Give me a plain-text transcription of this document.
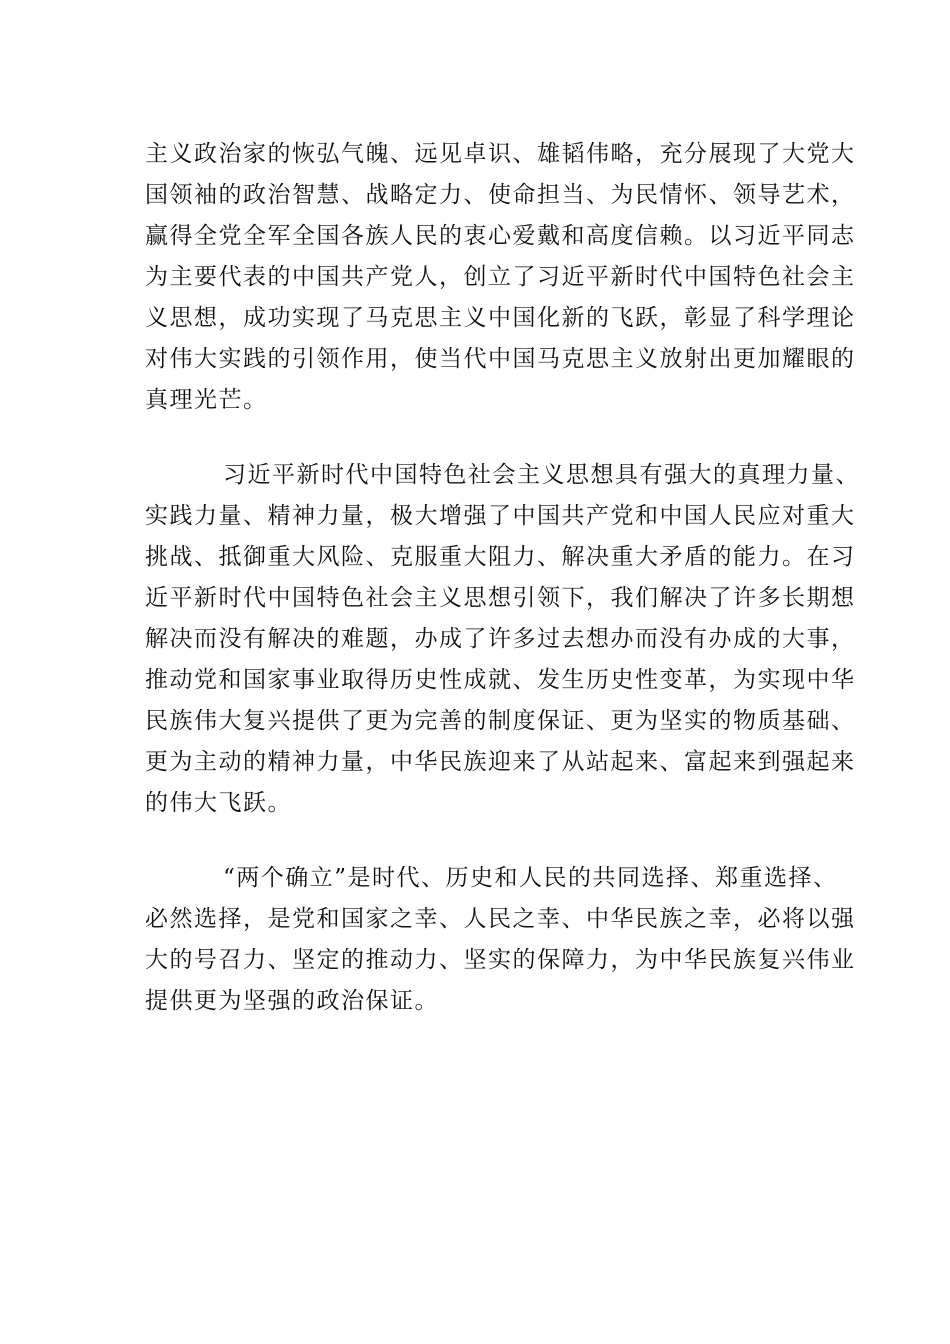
主义政治家的恢弘气魄、远见卓识、雄韬伟略，充分展现了大党大
国领袖的政治智慧、战略定力、使命担当、为民情怀、领导艺术，
赢得全党全军全国各族人民的衷心爱戴和高度信赖。以习近平同志
为主要代表的中国共产党人，创立了习近平新时代中国特色社会主
义思想，成功实现了马克思主义中国化新的飞跃，彰显了科学理论
对伟大实践的引领作用，使当代中国马克思主义放射出更加耀眼的
真理光芒。
习近平新时代中国特色社会主义思想具有强大的真理力量、
实践力量、精神力量，极大增强了中国共产党和中国人民应对重大
挑战、抵御重大风险、克服重大阻力、解决重大矛盾的能力。在习
近平新时代中国特色社会主义思想引领下，我们解决了许多长期想
解决而没有解决的难题，办成了许多过去想办而没有办成的大事，
推动党和国家事业取得历史性成就、发生历史性变革，为实现中华
民族伟大复兴提供了更为完善的制度保证、更为坚实的物质基础、
更为主动的精神力量，中华民族迎来了从站起来、富起来到强起来
的伟大飞跃。
“两个确立”是时代、历史和人民的共同选择、郑重选择、
必然选择，是党和国家之幸、人民之幸、中华民族之幸，必将以强
大的号召力、坚定的推动力、坚实的保障力，为中华民族复兴伟业
提供更为坚强的政治保证。
